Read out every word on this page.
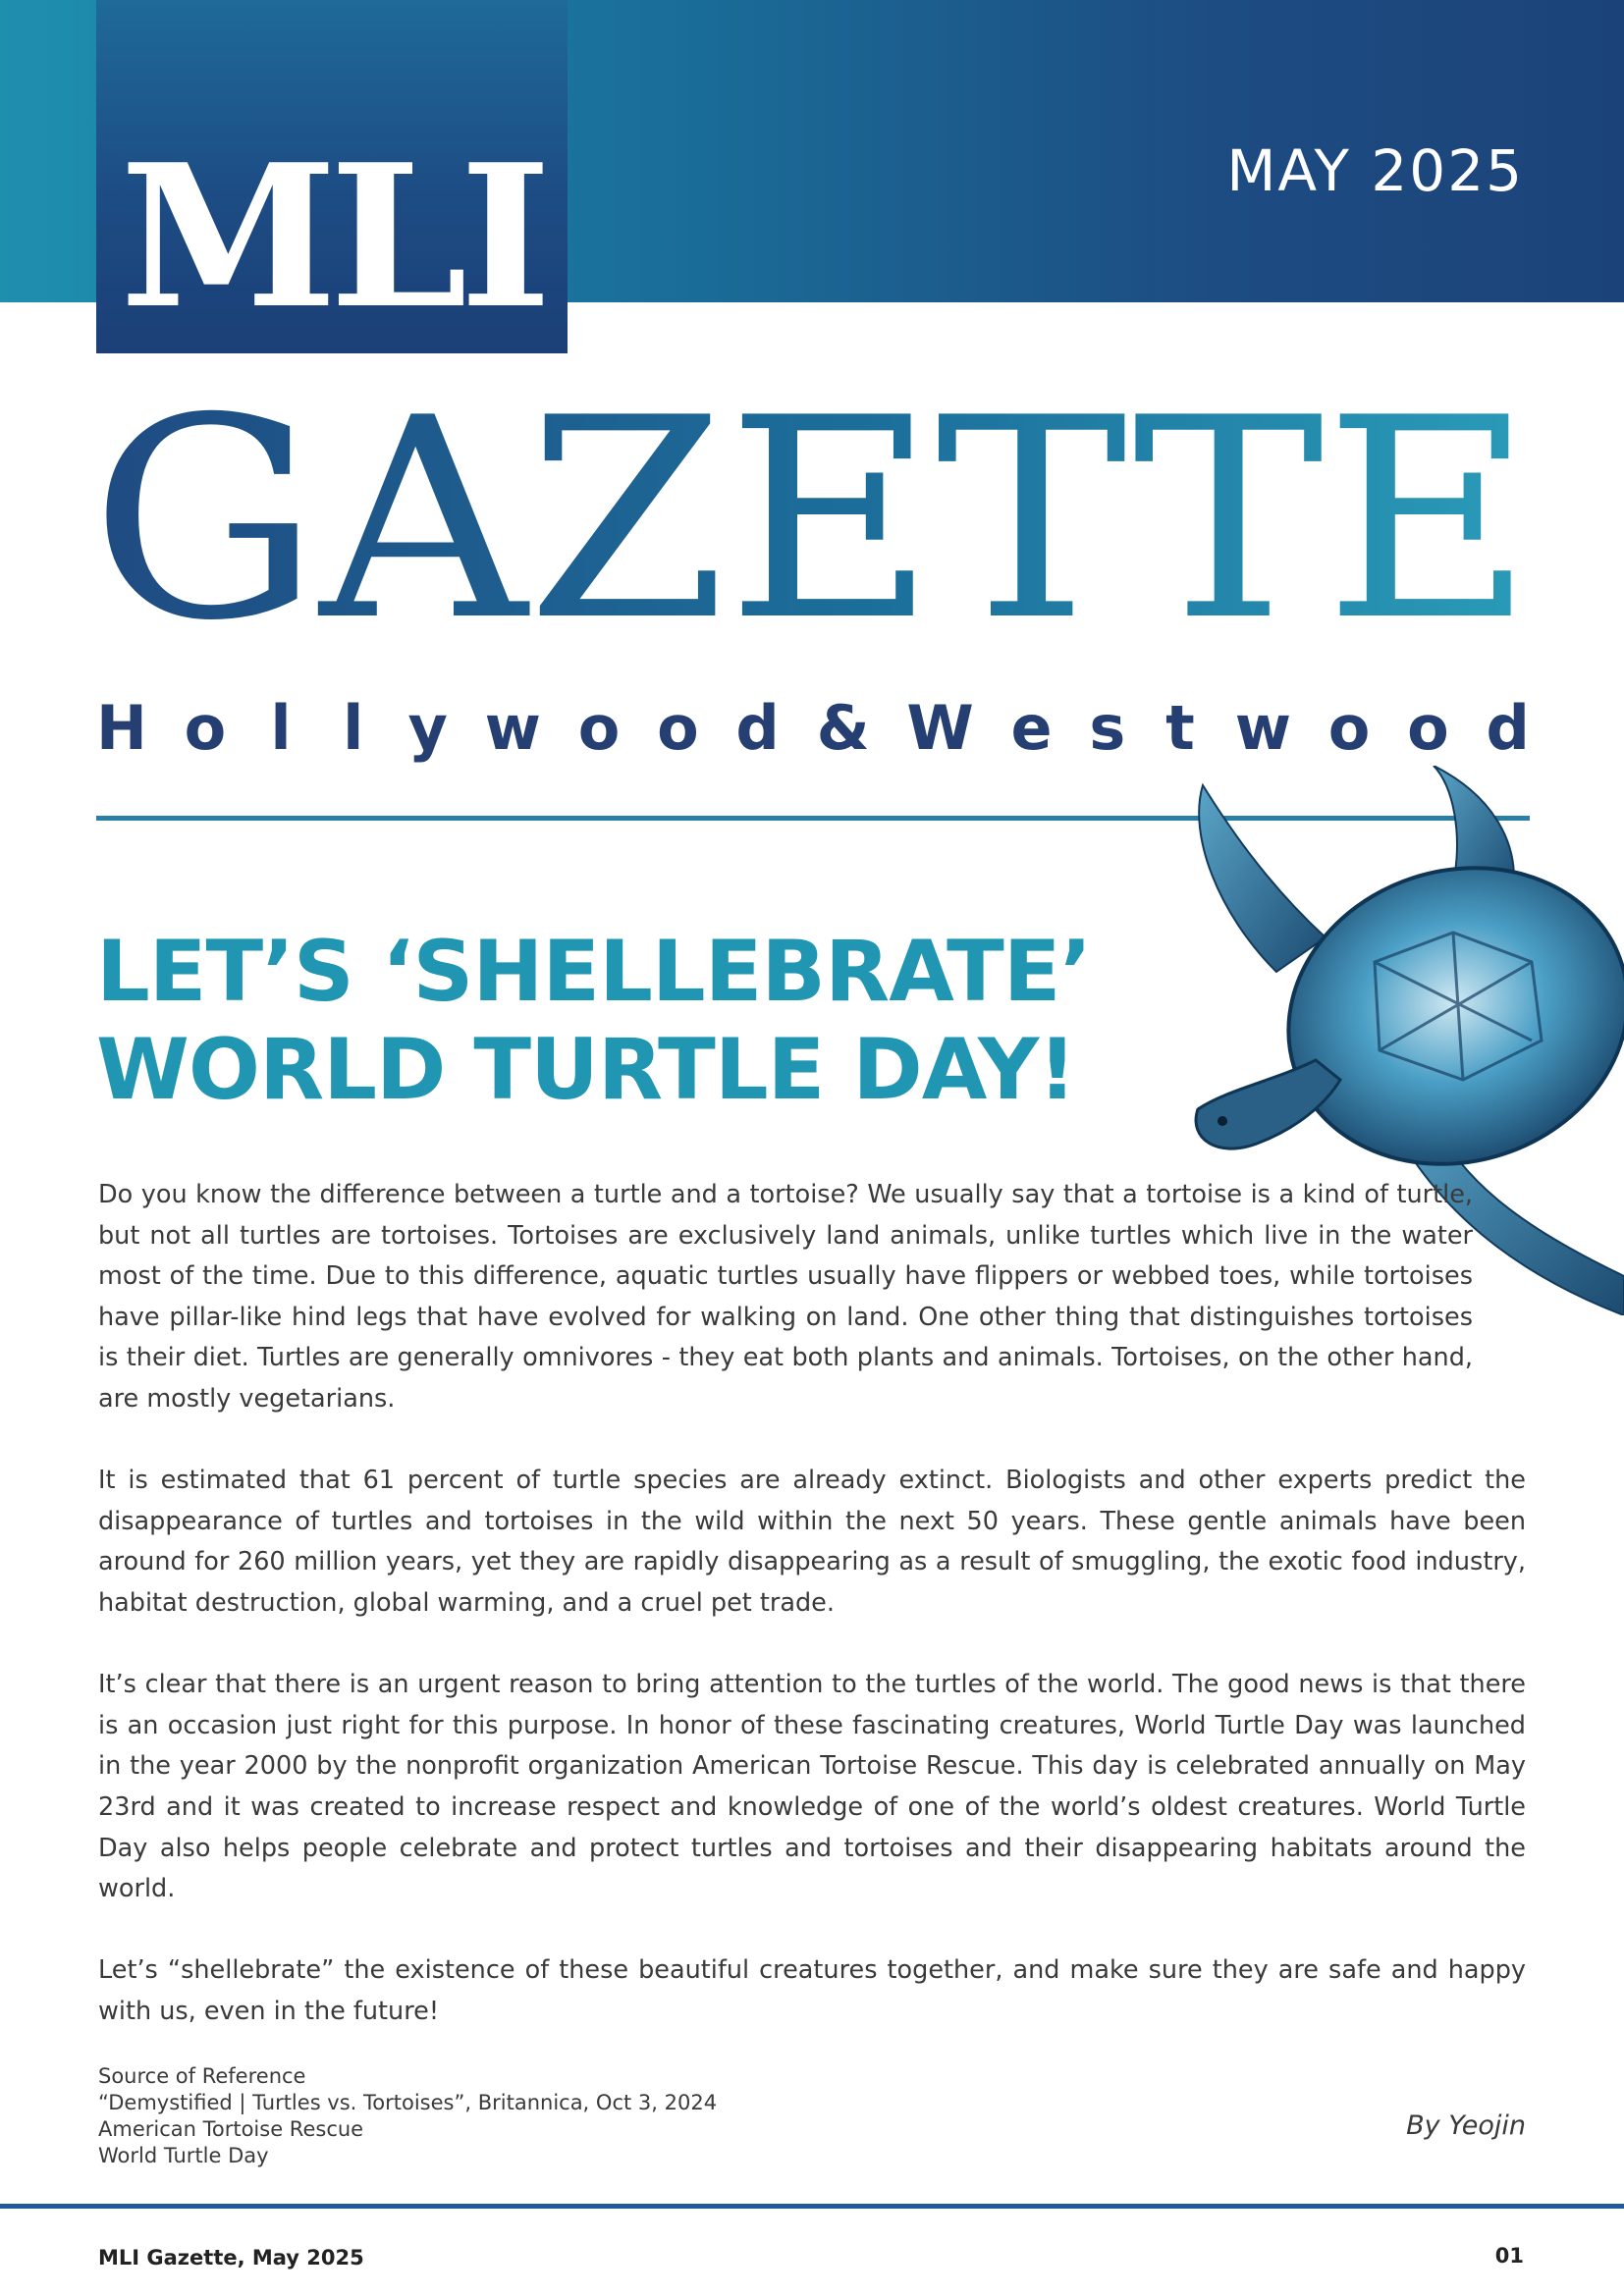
MLI	MAY 2025
GAZETTE
H o l l y w o o d & W e s t w o o d
LET’S ‘SHELLEBRATE’
WORLD TURTLE DAY!

Do you know the difference between a turtle and a tortoise? We usually say that a tortoise is a kind of turtle, but not all turtles are tortoises. Tortoises are exclusively land animals, unlike turtles which live in the water most of the time. Due to this difference, aquatic turtles usually have flippers or webbed toes, while tortoises have pillar-like hind legs that have evolved for walking on land. One other thing that distinguishes tortoises is their diet. Turtles are generally omnivores - they eat both plants and animals. Tortoises, on the other hand, are mostly vegetarians.

It is estimated that 61 percent of turtle species are already extinct. Biologists and other experts predict the disappearance of turtles and tortoises in the wild within the next 50 years. These gentle animals have been around for 260 million years, yet they are rapidly disappearing as a result of smuggling, the exotic food industry, habitat destruction, global warming, and a cruel pet trade.

It’s clear that there is an urgent reason to bring attention to the turtles of the world. The good news is that there is an occasion just right for this purpose. In honor of these fascinating creatures, World Turtle Day was launched in the year 2000 by the nonprofit organization American Tortoise Rescue. This day is celebrated annually on May 23rd and it was created to increase respect and knowledge of one of the world’s oldest creatures. World Turtle Day also helps people celebrate and protect turtles and tortoises and their disappearing habitats around the world.

Let’s “shellebrate” the existence of these beautiful creatures together, and make sure they are safe and happy with us, even in the future!

Source of Reference
“Demystified | Turtles vs. Tortoises”, Britannica, Oct 3, 2024
American Tortoise Rescue
World Turtle Day
By Yeojin
MLI Gazette, May 2025	01
